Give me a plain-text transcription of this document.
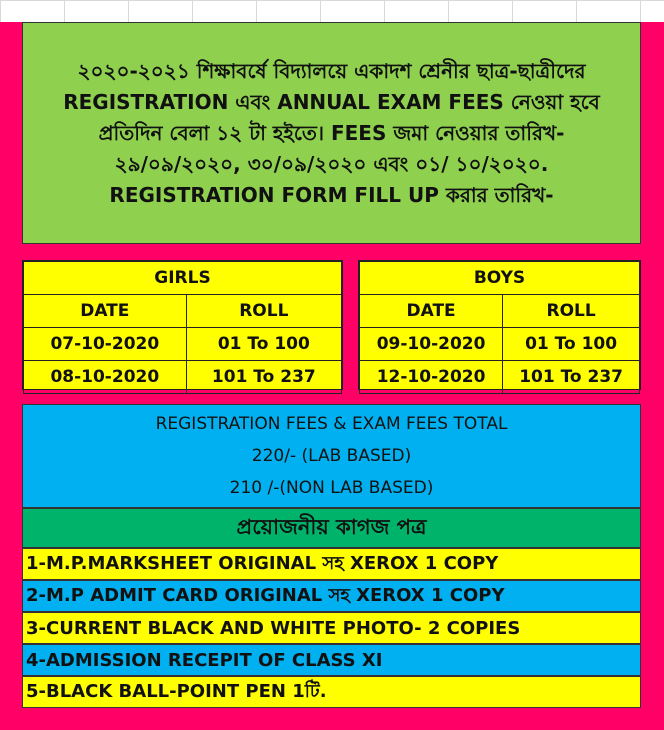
২০২০-২০২১ শিক্ষাবর্ষে বিদ্যালয়ে একাদশ শ্রেনীর ছাত্র-ছাত্রীদের
REGISTRATION এবং ANNUAL EXAM FEES নেওয়া হবে
প্রতিদিন বেলা ১২ টা হইতে। FEES জমা নেওয়ার তারিখ-
২৯/০৯/২০২০, ৩০/০৯/২০২০ এবং ০১/ ১০/২০২০.
REGISTRATION FORM FILL UP করার তারিখ-
GIRLS	
DATE	ROLL
07-10-2020	01 To 100
08-10-2020	101 To 237
BOYS	
DATE	ROLL
09-10-2020	01 To 100
12-10-2020	101 To 237
REGISTRATION FEES & EXAM FEES TOTAL
220/- (LAB BASED)
210 /-(NON LAB BASED)
প্রয়োজনীয় কাগজ পত্র
1-M.P.MARKSHEET ORIGINAL সহ XEROX 1 COPY
2-M.P ADMIT CARD ORIGINAL সহ XEROX 1 COPY
3-CURRENT BLACK AND WHITE PHOTO- 2 COPIES
4-ADMISSION RECEPIT OF CLASS XI
5-BLACK BALL-POINT PEN 1টি.
